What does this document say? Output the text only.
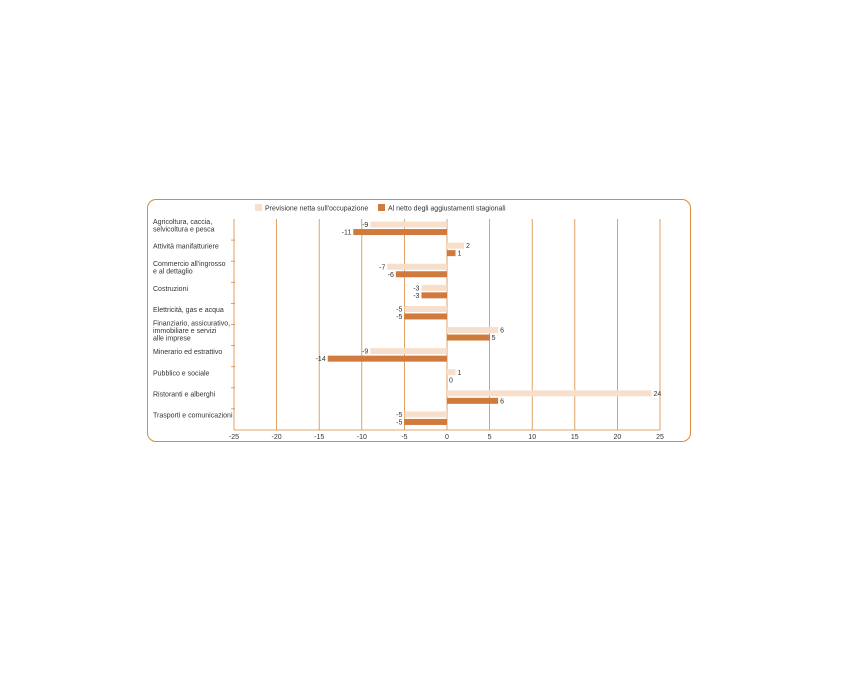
-25	-20	-15	-10	-5	0	5	10	15	20	25
Agricoltura, caccia, selvicoltura e pesca
-9
-11
Attività manifatturiere	2
1
Commercio all'ingrosso e al dettaglio
-7
-6
Costruzioni	-3
-3
Elettricità, gas e acqua	-5
-5
Finanziario, assicurativo, immobiliare e servizi alle imprese
6
5
Minerario ed estrattivo	-9
-14
Pubblico e sociale	1
0
Ristoranti e alberghi	24
6
Trasporti e comunicazioni	-5
-5
Previsione netta sull'occupazione	Al netto degli aggiustamenti stagionali
